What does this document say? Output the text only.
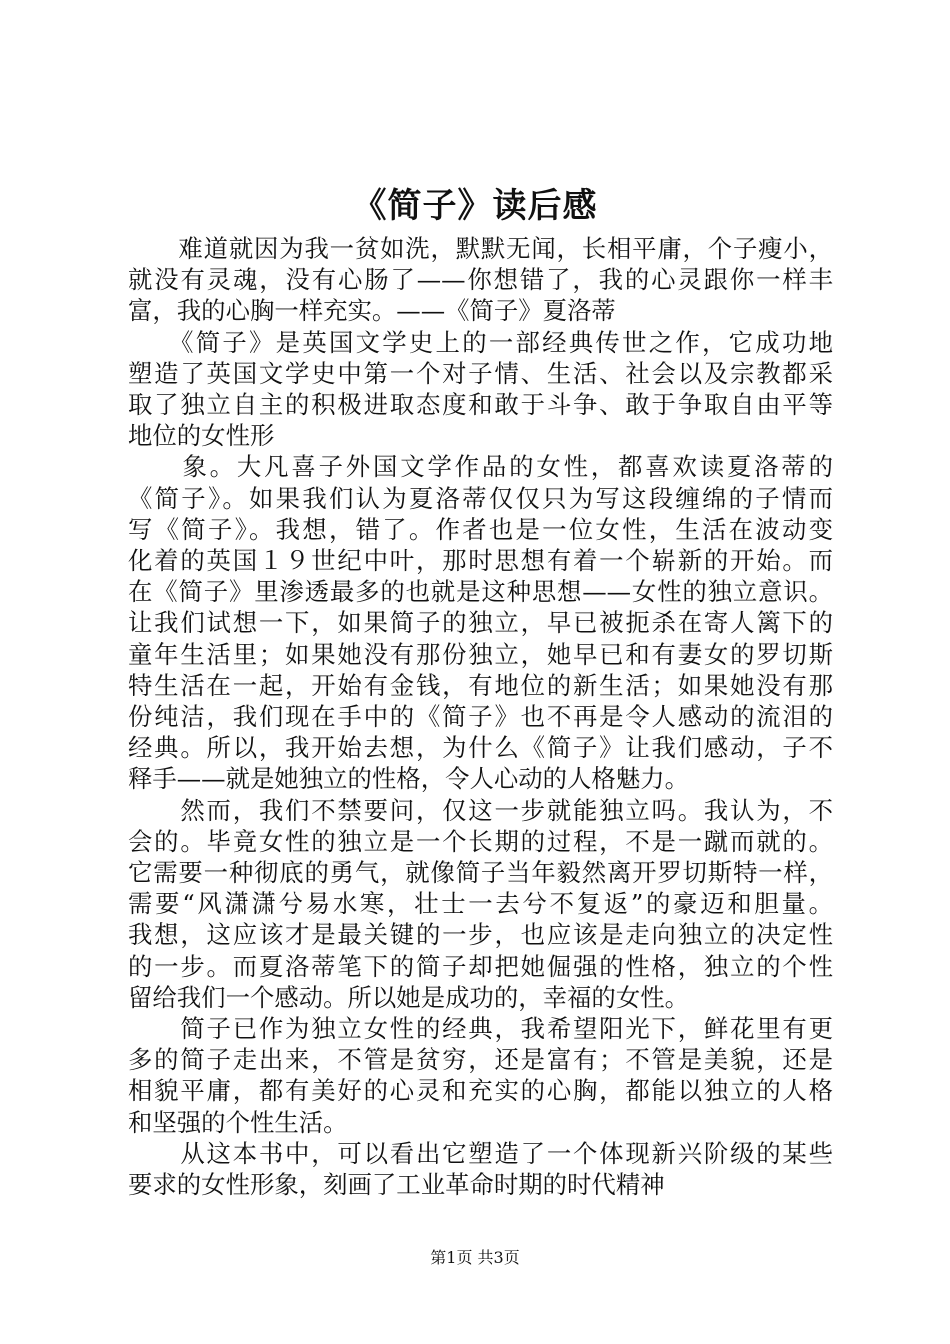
《简子》读后感
　　难道就因为我一贫如洗，默默无闻，长相平庸，个子瘦小，
就没有灵魂，没有心肠了——你想错了，我的心灵跟你一样丰
富，我的心胸一样充实。——《简子》夏洛蒂
　　《简子》是英国文学史上的一部经典传世之作，它成功地
塑造了英国文学史中第一个对子情、生活、社会以及宗教都采
取了独立自主的积极进取态度和敢于斗争、敢于争取自由平等
地位的女性形
　　象。大凡喜子外国文学作品的女性，都喜欢读夏洛蒂的
《简子》。如果我们认为夏洛蒂仅仅只为写这段缠绵的子情而
写《简子》。我想，错了。作者也是一位女性，生活在波动变
化着的英国１９世纪中叶，那时思想有着一个崭新的开始。而
在《简子》里渗透最多的也就是这种思想——女性的独立意识。
让我们试想一下，如果简子的独立，早已被扼杀在寄人篱下的
童年生活里；如果她没有那份独立，她早已和有妻女的罗切斯
特生活在一起，开始有金钱，有地位的新生活；如果她没有那
份纯洁，我们现在手中的《简子》也不再是令人感动的流泪的
经典。所以，我开始去想，为什么《简子》让我们感动，子不
释手——就是她独立的性格，令人心动的人格魅力。
　　然而，我们不禁要问，仅这一步就能独立吗。我认为，不
会的。毕竟女性的独立是一个长期的过程，不是一蹴而就的。
它需要一种彻底的勇气，就像简子当年毅然离开罗切斯特一样，
需要“风潇潇兮易水寒，壮士一去兮不复返”的豪迈和胆量。
我想，这应该才是最关键的一步，也应该是走向独立的决定性
的一步。而夏洛蒂笔下的简子却把她倔强的性格，独立的个性
留给我们一个感动。所以她是成功的，幸福的女性。
　　简子已作为独立女性的经典，我希望阳光下，鲜花里有更
多的简子走出来，不管是贫穷，还是富有；不管是美貌，还是
相貌平庸，都有美好的心灵和充实的心胸，都能以独立的人格
和坚强的个性生活。
　　从这本书中，可以看出它塑造了一个体现新兴阶级的某些
要求的女性形象，刻画了工业革命时期的时代精神
第1页 共3页
